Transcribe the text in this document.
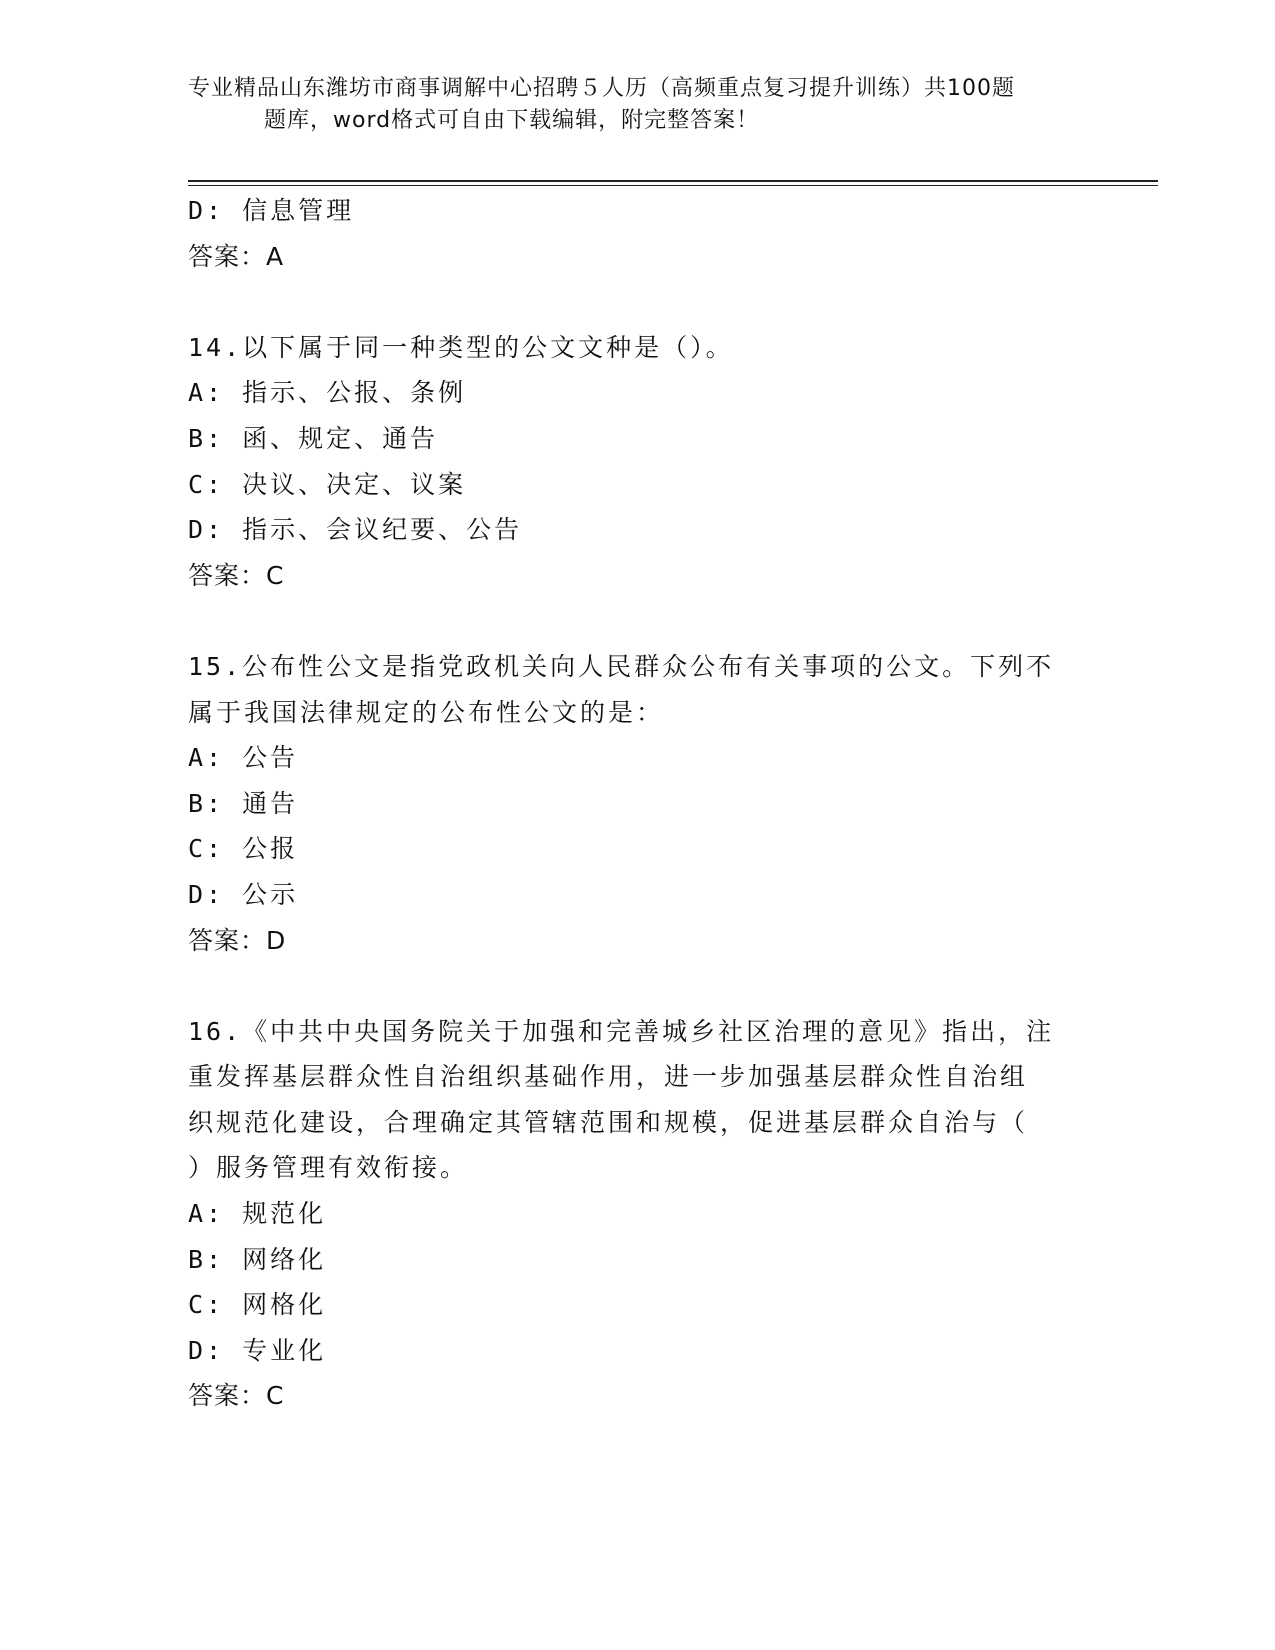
专业精品山东潍坊市商事调解中心招聘５人历（高频重点复习提升训练）共100题
题库，word格式可自由下载编辑，附完整答案！
D: 信息管理
答案：A
14.以下属于同一种类型的公文文种是（）。
A: 指示、公报、条例
B: 函、规定、通告
C: 决议、决定、议案
D: 指示、会议纪要、公告
答案：C
15.公布性公文是指党政机关向人民群众公布有关事项的公文。下列不
属于我国法律规定的公布性公文的是：
A: 公告
B: 通告
C: 公报
D: 公示
答案：D
16.《中共中央国务院关于加强和完善城乡社区治理的意见》指出，注
重发挥基层群众性自治组织基础作用，进一步加强基层群众性自治组
织规范化建设，合理确定其管辖范围和规模，促进基层群众自治与（
）服务管理有效衔接。
A: 规范化
B: 网络化
C: 网格化
D: 专业化
答案：C
